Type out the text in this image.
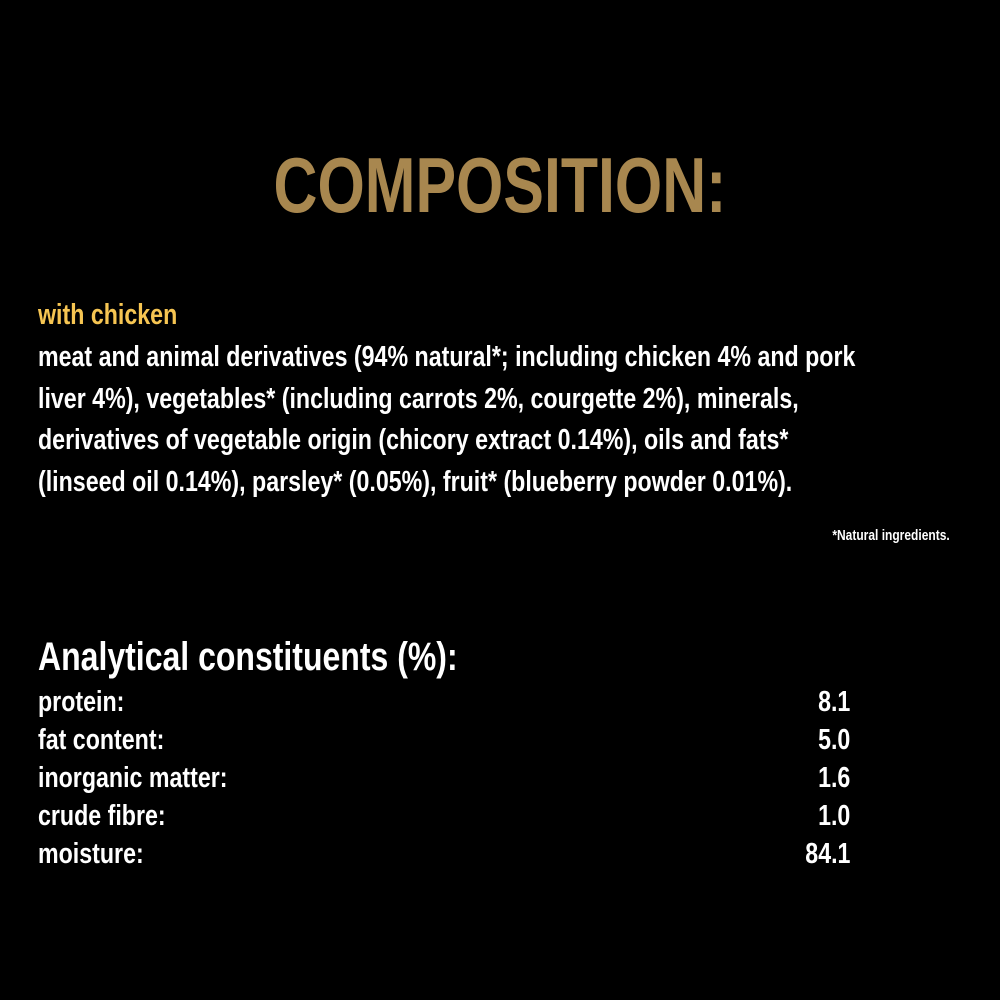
COMPOSITION:
with chicken
meat and animal derivatives (94% natural*; including chicken 4% and pork
liver 4%), vegetables* (including carrots 2%, courgette 2%), minerals,
derivatives of vegetable origin (chicory extract 0.14%), oils and fats*
(linseed oil 0.14%), parsley* (0.05%), fruit* (blueberry powder 0.01%).
*Natural ingredients.
Analytical constituents (%):
protein:	8.1
fat content:	5.0
inorganic matter:	1.6
crude fibre:	1.0
moisture:	84.1
